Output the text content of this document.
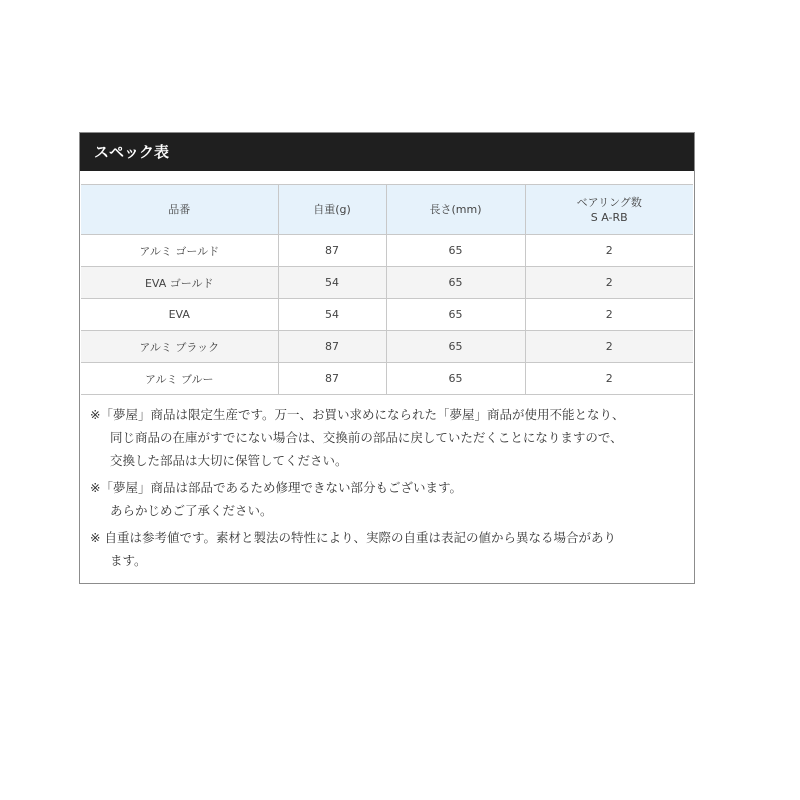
スペック表
品番	自重(g)	長さ(mm)	ベアリング数
S A-RB
アルミ ゴールド	87	65	2
EVA ゴールド	54	65	2
EVA	54	65	2
アルミ ブラック	87	65	2
アルミ ブルー	87	65	2
※「夢屋」商品は限定生産です。万一、お買い求めになられた「夢屋」商品が使用不能となり、
同じ商品の在庫がすでにない場合は、交換前の部品に戻していただくことになりますので、
交換した部品は大切に保管してください。
※「夢屋」商品は部品であるため修理できない部分もございます。
あらかじめご了承ください。
※ 自重は参考値です。素材と製法の特性により、実際の自重は表記の値から異なる場合があり
ます。
